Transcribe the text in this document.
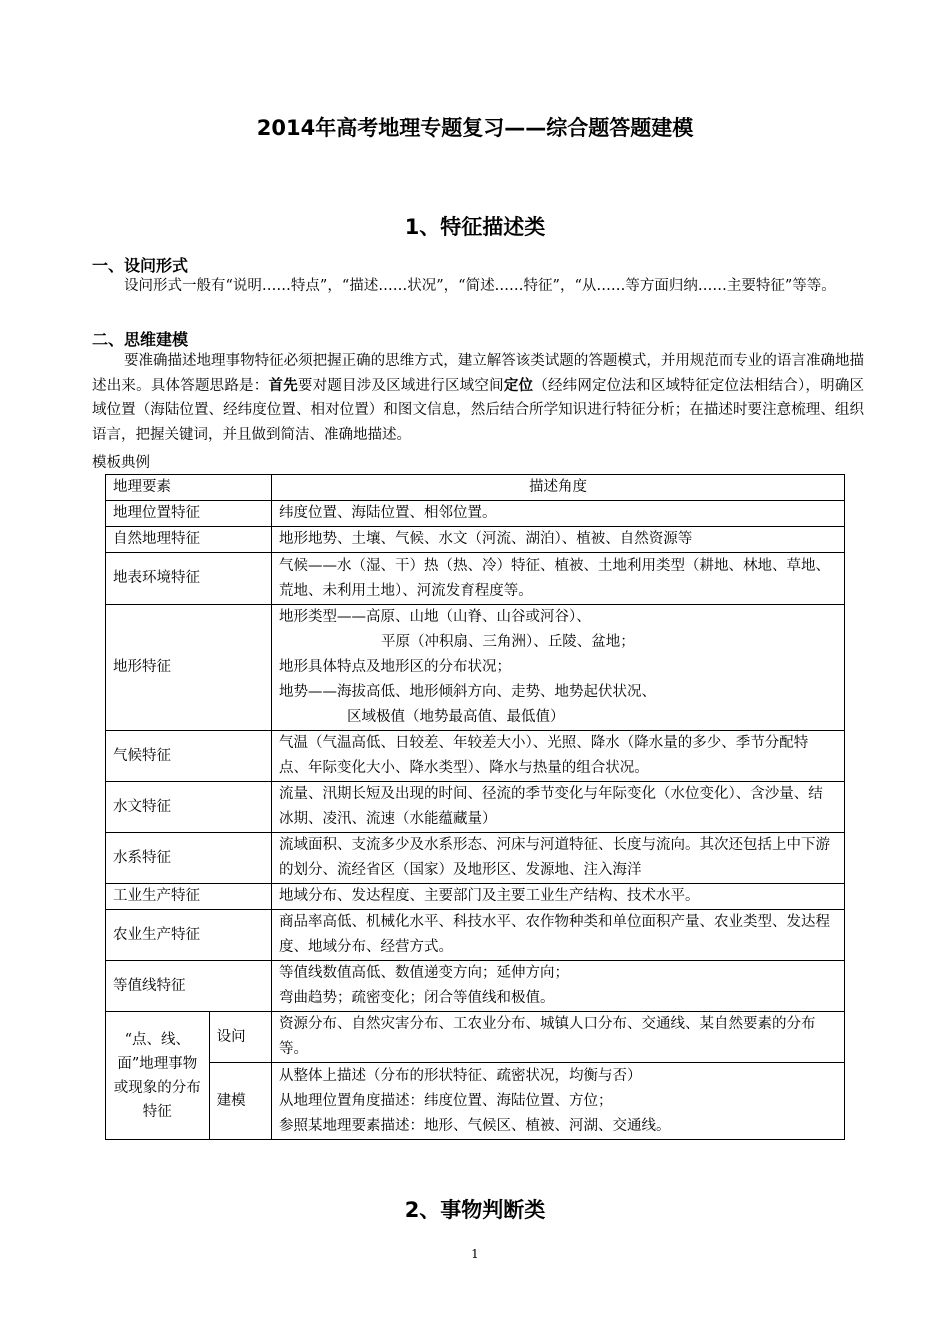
2014年高考地理专题复习——综合题答题建模
1、特征描述类
一、设问形式
设问形式一般有“说明……特点”，“描述……状况”，“简述……特征”，“从……等方面归纳……主要特征”等等。
二、思维建模
要准确描述地理事物特征必须把握正确的思维方式，建立解答该类试题的答题模式，并用规范而专业的语言准确地描述出来。具体答题思路是：首先要对题目涉及区域进行区域空间定位（经纬网定位法和区域特征定位法相结合），明确区域位置（海陆位置、经纬度位置、相对位置）和图文信息，然后结合所学知识进行特征分析；在描述时要注意梳理、组织语言，把握关键词，并且做到简洁、准确地描述。
模板典例
地理要素		描述角度
地理位置特征		纬度位置、海陆位置、相邻位置。
自然地理特征		地形地势、土壤、气候、水文（河流、湖泊）、植被、自然资源等
地表环境特征		气候——水（湿、干）热（热、冷）特征、植被、土地利用类型（耕地、林地、草地、荒地、未利用土地）、河流发育程度等。
地形特征		地形类型——高原、山地（山脊、山谷或河谷）、
平原（冲积扇、三角洲）、丘陵、盆地；
地形具体特点及地形区的分布状况；
地势——海拔高低、地形倾斜方向、走势、地势起伏状况、
区域极值（地势最高值、最低值）

气候特征		气温（气温高低、日较差、年较差大小）、光照、降水（降水量的多少、季节分配特点、年际变化大小、降水类型）、降水与热量的组合状况。
水文特征		流量、汛期长短及出现的时间、径流的季节变化与年际变化（水位变化）、含沙量、结冰期、凌汛、流速（水能蕴藏量）
水系特征		流域面积、支流多少及水系形态、河床与河道特征、长度与流向。其次还包括上中下游的划分、流经省区（国家）及地形区、发源地、注入海洋
工业生产特征		地域分布、发达程度、主要部门及主要工业生产结构、技术水平。
农业生产特征		商品率高低、机械化水平、科技水平、农作物种类和单位面积产量、农业类型、发达程度、地域分布、经营方式。
等值线特征		等值线数值高低、数值递变方向；延伸方向；
弯曲趋势；疏密变化；闭合等值线和极值。

“点、线、面”地理事物或现象的分布特征	设问	资源分布、自然灾害分布、工农业分布、城镇人口分布、交通线、某自然要素的分布等。
	建模	从整体上描述（分布的形状特征、疏密状况，均衡与否）
从地理位置角度描述：纬度位置、海陆位置、方位；
参照某地理要素描述：地形、气候区、植被、河湖、交通线。
2、事物判断类
1
